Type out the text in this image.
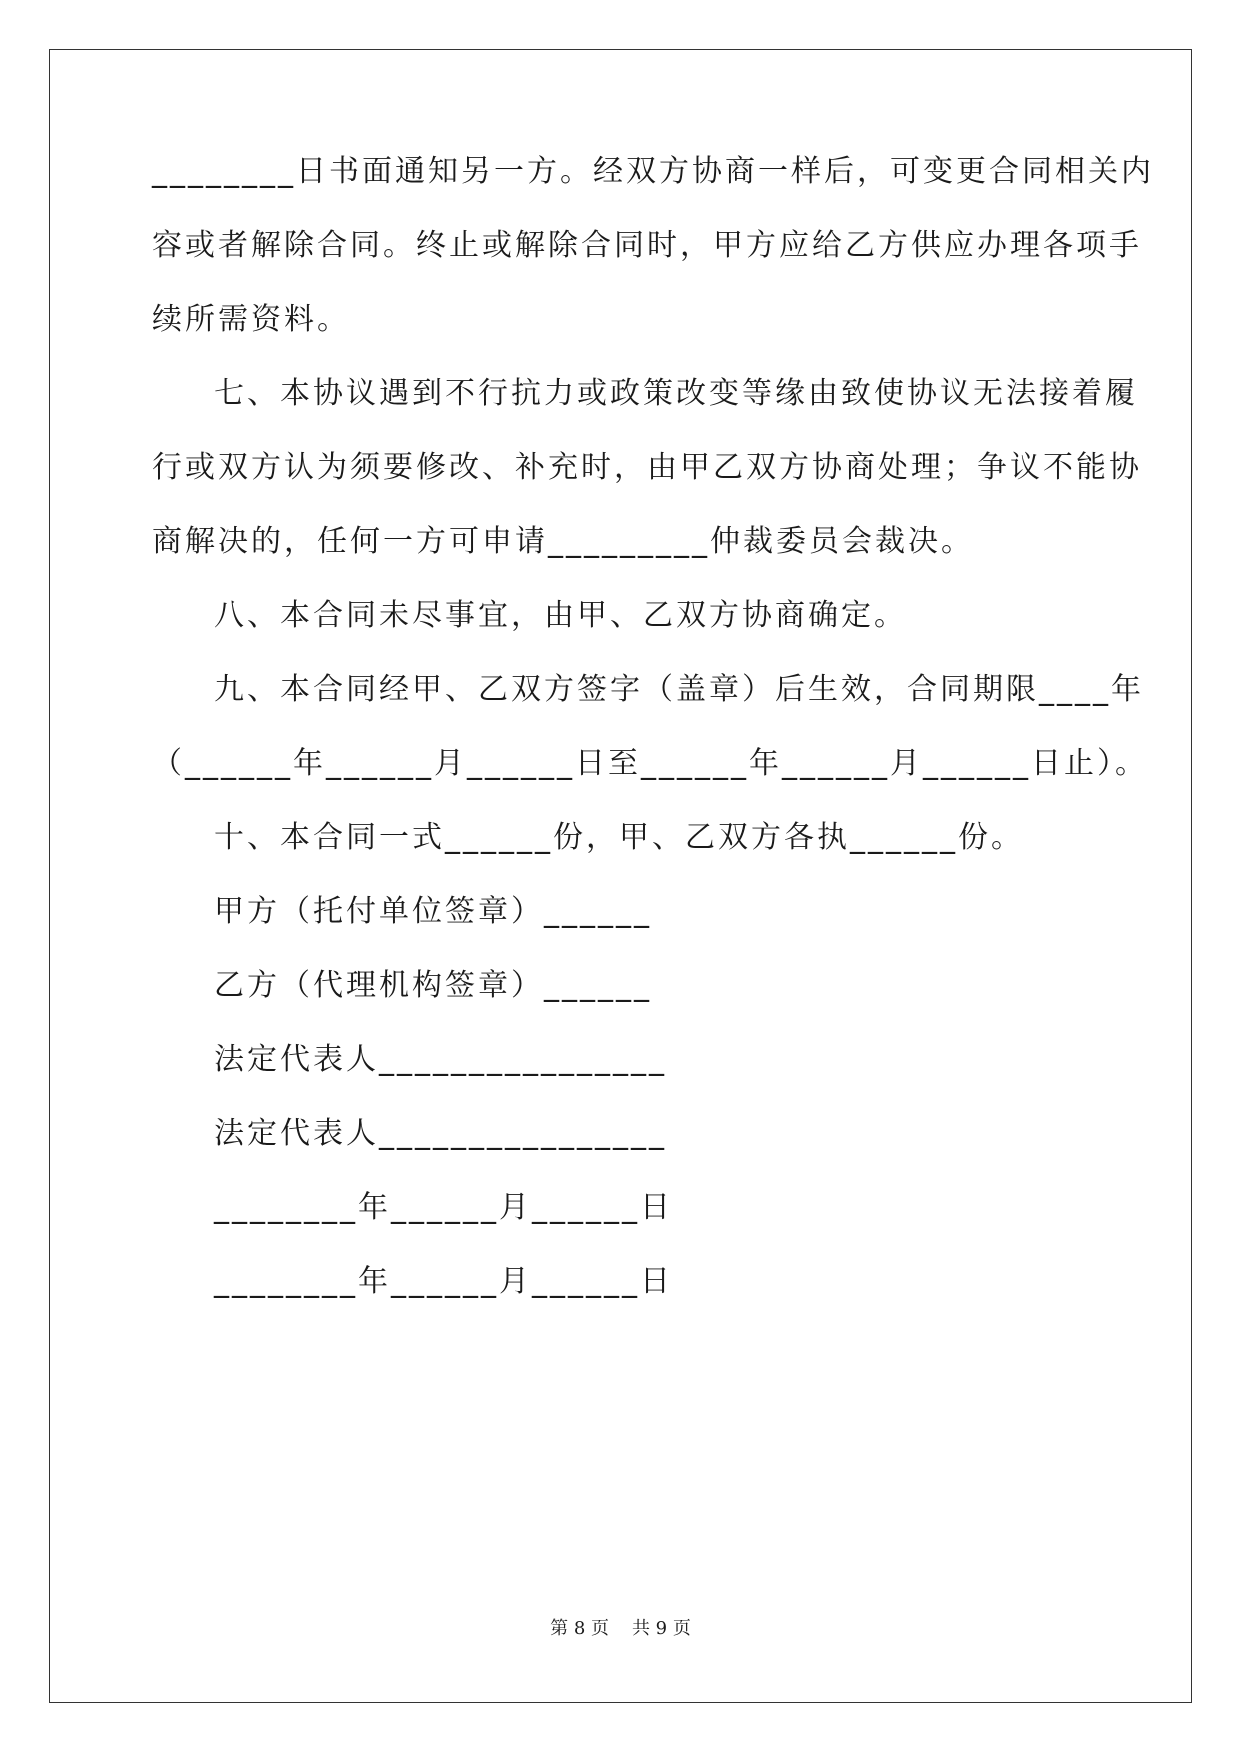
________日书面通知另一方。经双方协商一样后，可变更合同相关内
容或者解除合同。终止或解除合同时，甲方应给乙方供应办理各项手
续所需资料。
七、本协议遇到不行抗力或政策改变等缘由致使协议无法接着履
行或双方认为须要修改、补充时，由甲乙双方协商处理；争议不能协
商解决的，任何一方可申请_________仲裁委员会裁决。
八、本合同未尽事宜，由甲、乙双方协商确定。
九、本合同经甲、乙双方签字（盖章）后生效，合同期限____年
（______年______月______日至______年______月______日止）。
十、本合同一式______份，甲、乙双方各执______份。
甲方（托付单位签章）______
乙方（代理机构签章）______
法定代表人________________
法定代表人________________
________年______月______日
________年______月______日
第 8 页    共 9 页
